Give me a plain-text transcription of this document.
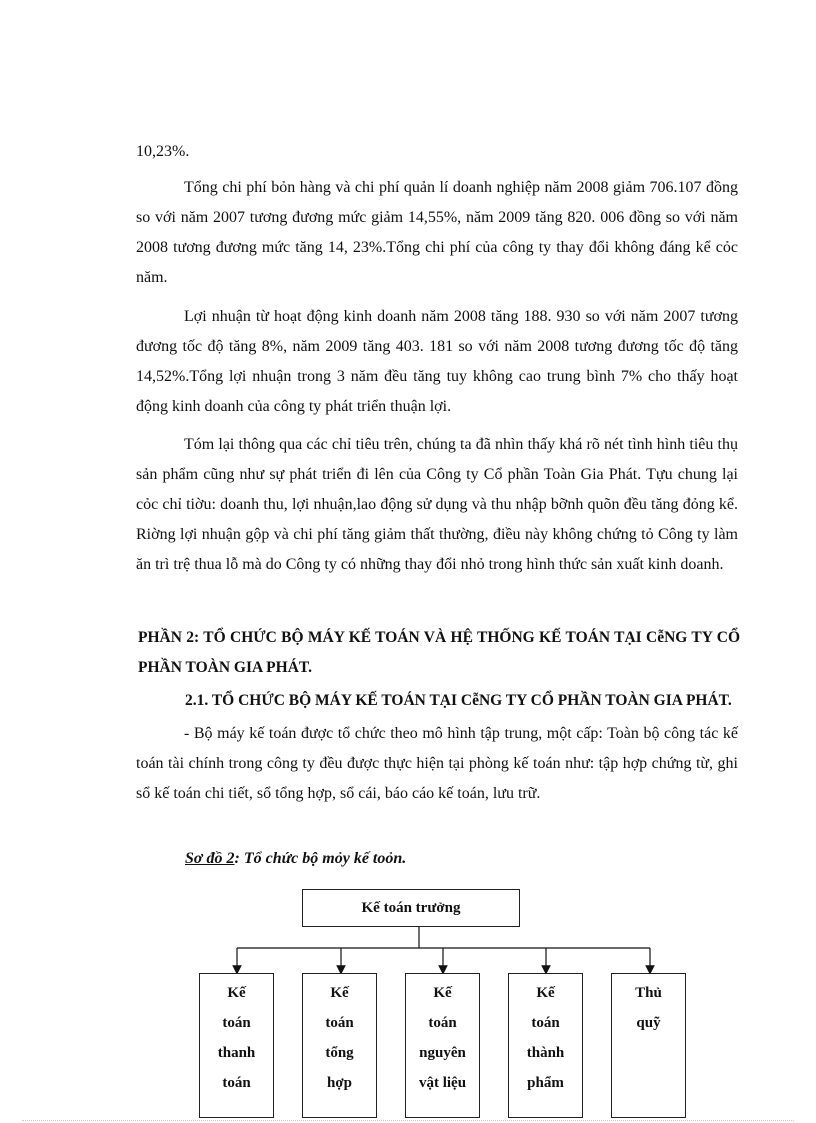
10,23%.

Tổng chi phí bỏn hàng và chi phí quản lí doanh nghiệp năm 2008 giảm 706.107 đồng so với năm 2007 tương đương mức giảm 14,55%, năm 2009 tăng 820. 006 đồng so với năm 2008 tương đương mức tăng 14, 23%.Tổng chi phí của công ty thay đổi không đáng kể cỏc năm.

Lợi nhuận từ hoạt động kinh doanh năm 2008 tăng 188. 930 so với năm 2007 tương đương tốc độ tăng 8%, năm 2009 tăng 403. 181 so với năm 2008 tương đương tốc độ tăng 14,52%.Tổng lợi nhuận trong 3 năm đều tăng tuy không cao trung bình 7% cho thấy hoạt động kinh doanh của công ty phát triển thuận lợi.

Tóm lại thông qua các chỉ tiêu trên, chúng ta đã nhìn thấy khá rõ nét tình hình tiêu thụ sản phẩm cũng như sự phát triển đi lên của Công ty Cổ phần Toàn Gia Phát. Tựu chung lại cỏc chỉ tiờu: doanh thu, lợi nhuận,lao động sử dụng và thu nhập bỡnh quõn đều tăng đỏng kể. Riờng lợi nhuận gộp và chi phí tăng giảm thất thường, điều này không chứng tỏ Công ty làm ăn trì trệ thua lỗ mà do Công ty có những thay đổi nhỏ trong hình thức sản xuất kinh doanh.

PHẦN 2: TỔ CHỨC BỘ MÁY KẾ TOÁN VÀ HỆ THỐNG KẾ TOÁN TẠI CễNG TY CỔ PHẦN TOÀN GIA PHÁT.

2.1. TỔ CHỨC BỘ MÁY KẾ TOÁN TẠI CễNG TY CỔ PHẦN TOÀN GIA PHÁT.

- Bộ máy kế toán được tổ chức theo mô hình tập trung, một cấp: Toàn bộ công tác kế toán tài chính trong công ty đều được thực hiện tại phòng kế toán như: tập hợp chứng từ, ghi sổ kế toán chi tiết, sổ tổng hợp, sổ cái, báo cáo kế toán, lưu trữ.

Sơ đồ 2: Tổ chức bộ mỏy kế toỏn.

Kế toán trưởng
Kế
toán
thanh
toán
Kế
toán
tổng
hợp
Kế
toán
nguyên
vật liệu
Kế
toán
thành
phẩm
Thủ
quỹ
